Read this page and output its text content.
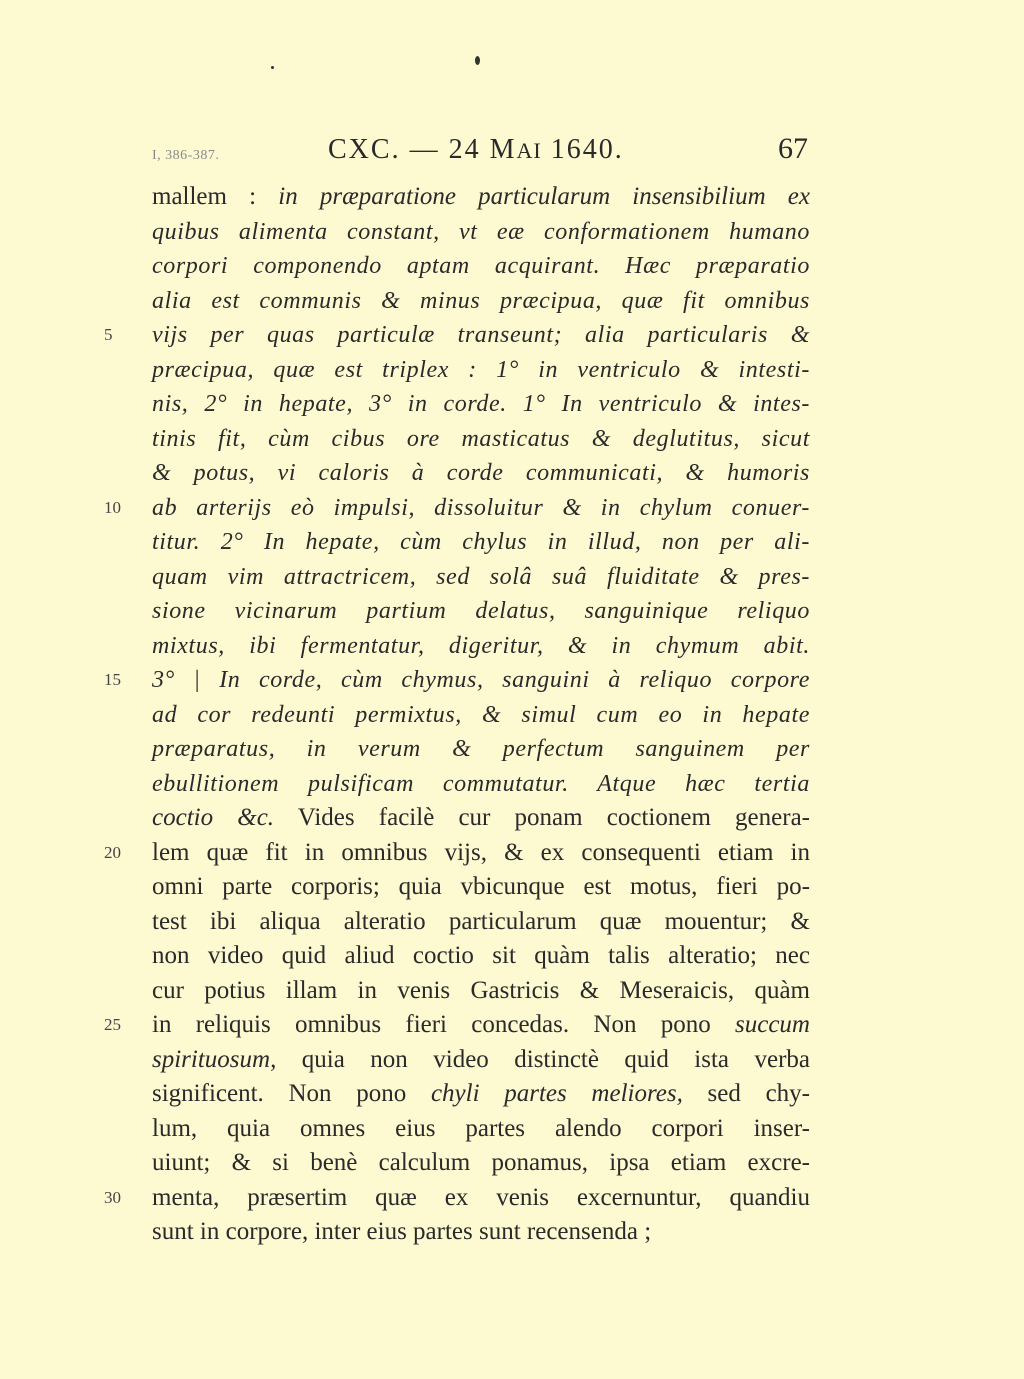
I, 386-387.	CXC. — 24 MAI 1640.	67
mallem : in præparatione particularum insensibilium ex
quibus alimenta constant, vt eæ conformationem humano
corpori componendo aptam acquirant. Hæc præparatio
alia est communis & minus præcipua, quæ fit omnibus
5	vijs per quas particulæ transeunt; alia particularis &
præcipua, quæ est triplex : 1° in ventriculo & intesti-
nis, 2° in hepate, 3° in corde. 1° In ventriculo & intes-
tinis fit, cùm cibus ore masticatus & deglutitus, sicut
& potus, vi caloris à corde communicati, & humoris
10	ab arterijs eò impulsi, dissoluitur & in chylum conuer-
titur. 2° In hepate, cùm chylus in illud, non per ali-
quam vim attractricem, sed solâ suâ fluiditate & pres-
sione vicinarum partium delatus, sanguinique reliquo
mixtus, ibi fermentatur, digeritur, & in chymum abit.
15	3° | In corde, cùm chymus, sanguini à reliquo corpore
ad cor redeunti permixtus, & simul cum eo in hepate
præparatus, in verum & perfectum sanguinem per
ebullitionem pulsificam commutatur. Atque hæc tertia
coctio &c. Vides facilè cur ponam coctionem genera-
20	lem quæ fit in omnibus vijs, & ex consequenti etiam in
omni parte corporis; quia vbicunque est motus, fieri po-
test ibi aliqua alteratio particularum quæ mouentur; &
non video quid aliud coctio sit quàm talis alteratio; nec
cur potius illam in venis Gastricis & Meseraicis, quàm
25	in reliquis omnibus fieri concedas. Non pono succum
spirituosum, quia non video distinctè quid ista verba
significent. Non pono chyli partes meliores, sed chy-
lum, quia omnes eius partes alendo corpori inser-
uiunt; & si benè calculum ponamus, ipsa etiam excre-
30	menta, præsertim quæ ex venis excernuntur, quandiu
sunt in corpore, inter eius partes sunt recensenda ;
